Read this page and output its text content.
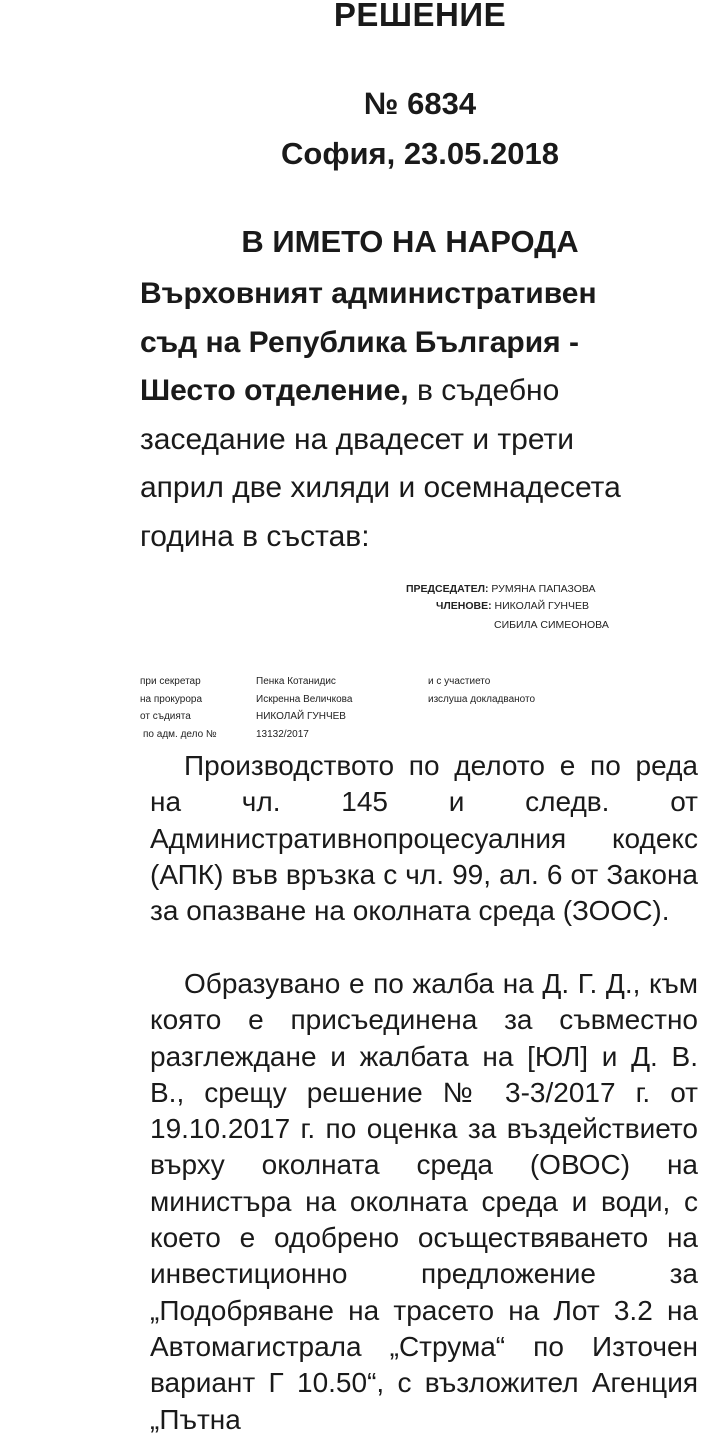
РЕШЕНИЕ
№ 6834
София, 23.05.2018
В ИМЕТО НА НАРОДА
Върховният административен
съд на Република България -
Шесто отделение, в съдебно
заседание на двадесет и трети
април две хиляди и осемнадесета
година в състав:
ПРЕДСЕДАТЕЛ: РУМЯНА ПАПАЗОВА
ЧЛЕНОВЕ: НИКОЛАЙ ГУНЧЕВ
СИБИЛА СИМЕОНОВА
при секретар
на прокурора
от съдията
по адм. дело №
Пенка Котанидис
Искренна Величкова
НИКОЛАЙ ГУНЧЕВ
13132/2017
и с участието
изслуша докладваното

Производството по делото е по реда на чл. 145 и следв. от Административнопроцесуалния кодекс (АПК) във връзка с чл. 99, ал. 6 от Закона за опазване на околната среда (ЗООС).

Образувано е по жалба на Д. Г. Д., към която е присъединена за съвместно разглеждане и жалбата на [ЮЛ] и Д. В. В., срещу решение № 3-3/2017 г. от 19.10.2017 г. по оценка за въздействието върху околната среда (ОВОС) на министъра на околната среда и води, с което е одобрено осъществяването на инвестиционно предложение за „Подобряване на трасето на Лот 3.2 на Автомагистрала „Струма“ по Източен вариант Г 10.50“, с възложител Агенция „Пътна
